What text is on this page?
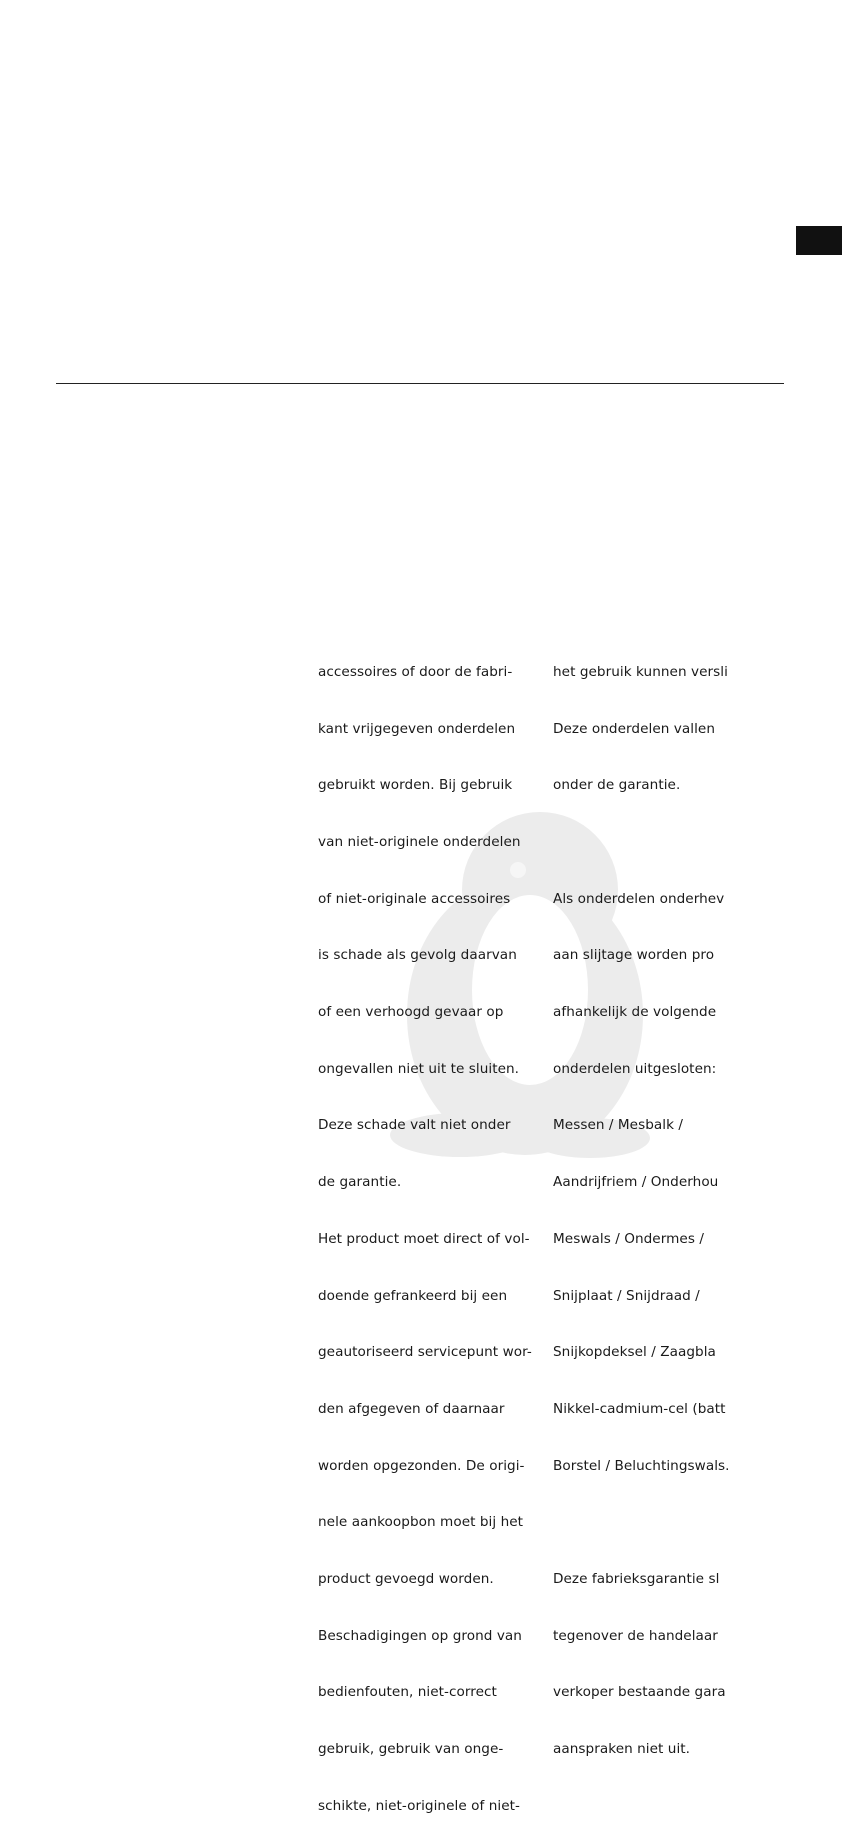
accessoires of door de fabri-

kant vrijgegeven onderdelen

gebruikt worden. Bij gebruik

van niet-originele onderdelen

of niet-originale accessoires

is schade als gevolg daarvan

of een verhoogd gevaar op

ongevallen niet uit te sluiten.

Deze schade valt niet onder

de garantie.

Het product moet direct of vol-

doende gefrankeerd bij een

geautoriseerd servicepunt wor-

den afgegeven of daarnaar

worden opgezonden. De origi-

nele aankoopbon moet bij het

product gevoegd worden.

Beschadigingen op grond van

bedienfouten, niet-correct

gebruik, gebruik van onge-

schikte, niet-originele of niet-

het gebruik kunnen versli

Deze onderdelen vallen

onder de garantie.

Als onderdelen onderhev

aan slijtage worden pro

afhankelijk de volgende

onderdelen uitgesloten:

Messen / Mesbalk /

Aandrijfriem / Onderhou

Meswals / Ondermes /

Snijplaat / Snijdraad /

Snijkopdeksel / Zaagbla

Nikkel-cadmium-cel (batt

Borstel / Beluchtingswals.

Deze fabrieksgarantie sl

tegenover de handelaar

verkoper bestaande gara

aanspraken niet uit.
